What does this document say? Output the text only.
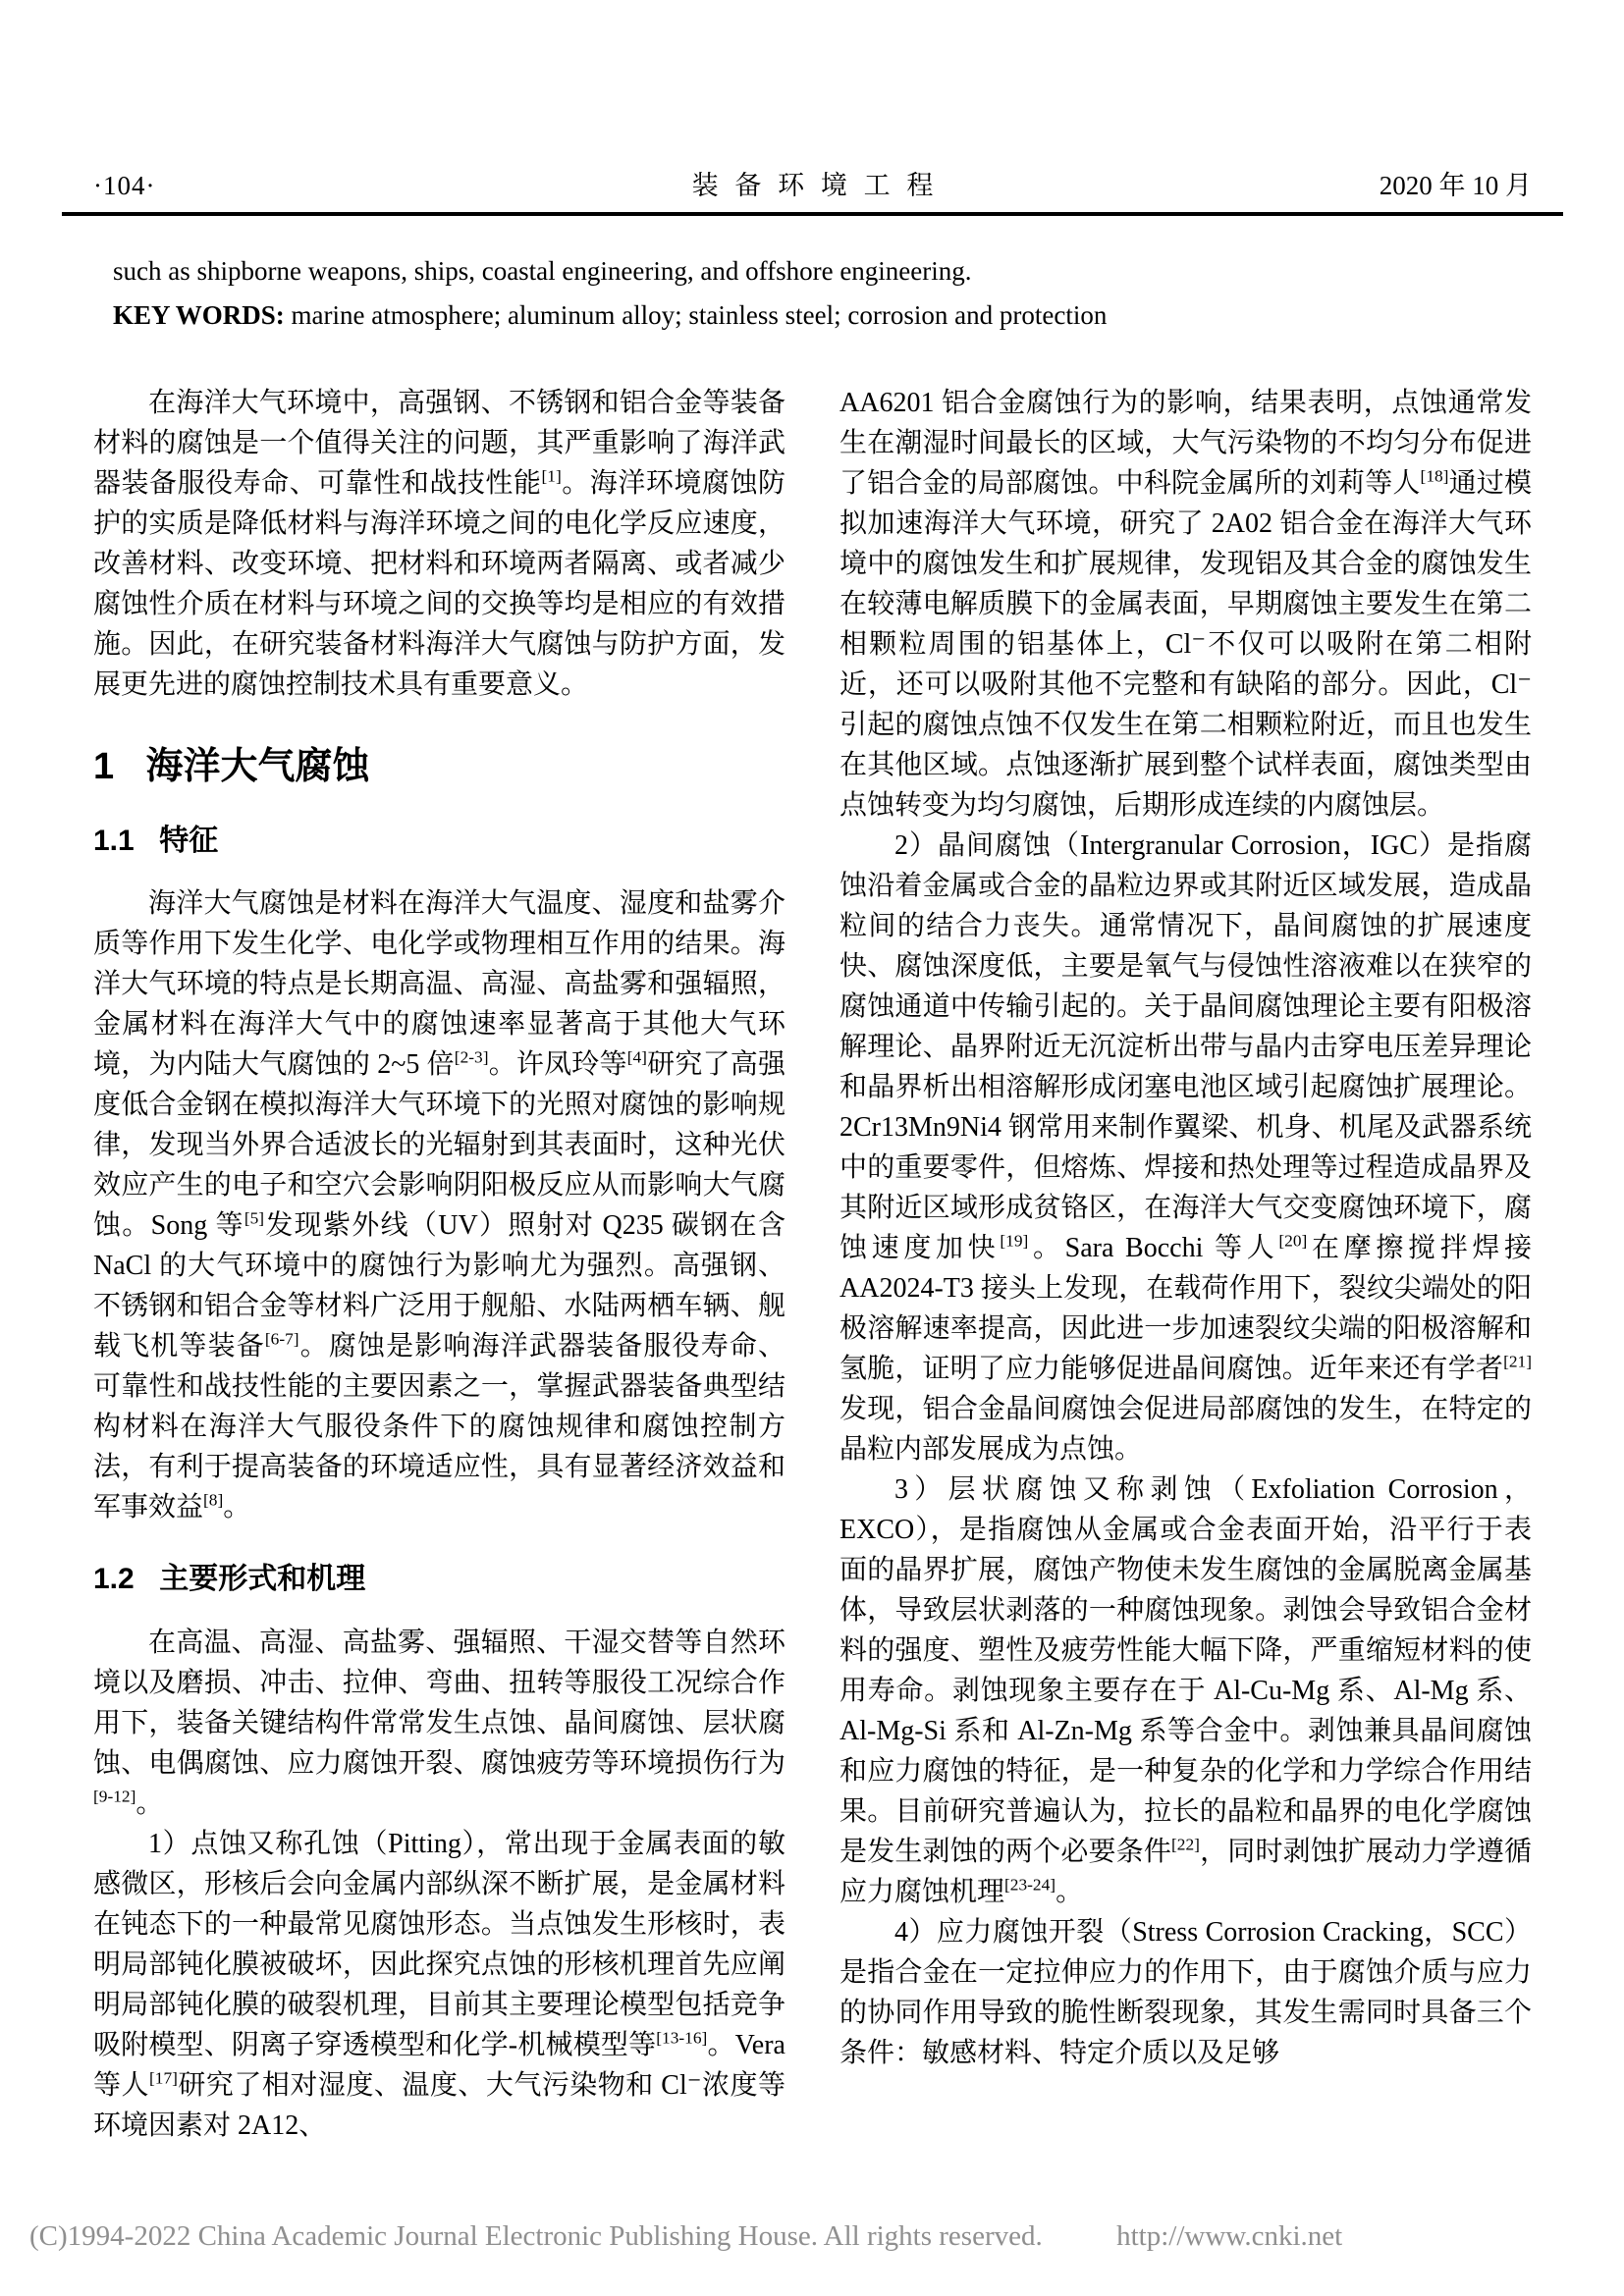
·104·	装备环境工程	2020 年 10 月

such as shipborne weapons, ships, coastal engineering, and offshore engineering.

KEY WORDS: marine atmosphere; aluminum alloy; stainless steel; corrosion and protection

在海洋大气环境中，高强钢、不锈钢和铝合金等装备材料的腐蚀是一个值得关注的问题，其严重影响了海洋武器装备服役寿命、可靠性和战技性能[1]。海洋环境腐蚀防护的实质是降低材料与海洋环境之间的电化学反应速度，改善材料、改变环境、把材料和环境两者隔离、或者减少腐蚀性介质在材料与环境之间的交换等均是相应的有效措施。因此，在研究装备材料海洋大气腐蚀与防护方面，发展更先进的腐蚀控制技术具有重要意义。

1 海洋大气腐蚀
1.1 特征

海洋大气腐蚀是材料在海洋大气温度、湿度和盐雾介质等作用下发生化学、电化学或物理相互作用的结果。海洋大气环境的特点是长期高温、高湿、高盐雾和强辐照，金属材料在海洋大气中的腐蚀速率显著高于其他大气环境，为内陆大气腐蚀的 2~5 倍[2-3]。许凤玲等[4]研究了高强度低合金钢在模拟海洋大气环境下的光照对腐蚀的影响规律，发现当外界合适波长的光辐射到其表面时，这种光伏效应产生的电子和空穴会影响阴阳极反应从而影响大气腐蚀。Song 等[5]发现紫外线（UV）照射对 Q235 碳钢在含 NaCl 的大气环境中的腐蚀行为影响尤为强烈。高强钢、不锈钢和铝合金等材料广泛用于舰船、水陆两栖车辆、舰载飞机等装备[6-7]。腐蚀是影响海洋武器装备服役寿命、可靠性和战技性能的主要因素之一，掌握武器装备典型结构材料在海洋大气服役条件下的腐蚀规律和腐蚀控制方法，有利于提高装备的环境适应性，具有显著经济效益和军事效益[8]。

1.2 主要形式和机理

在高温、高湿、高盐雾、强辐照、干湿交替等自然环境以及磨损、冲击、拉伸、弯曲、扭转等服役工况综合作用下，装备关键结构件常常发生点蚀、晶间腐蚀、层状腐蚀、电偶腐蚀、应力腐蚀开裂、腐蚀疲劳等环境损伤行为[9-12]。

1）点蚀又称孔蚀（Pitting），常出现于金属表面的敏感微区，形核后会向金属内部纵深不断扩展，是金属材料在钝态下的一种最常见腐蚀形态。当点蚀发生形核时，表明局部钝化膜被破坏，因此探究点蚀的形核机理首先应阐明局部钝化膜的破裂机理，目前其主要理论模型包括竞争吸附模型、阴离子穿透模型和化学-机械模型等[13-16]。Vera 等人[17]研究了相对湿度、温度、大气污染物和 Cl⁻浓度等环境因素对 2A12、

AA6201 铝合金腐蚀行为的影响，结果表明，点蚀通常发生在潮湿时间最长的区域，大气污染物的不均匀分布促进了铝合金的局部腐蚀。中科院金属所的刘莉等人[18]通过模拟加速海洋大气环境，研究了 2A02 铝合金在海洋大气环境中的腐蚀发生和扩展规律，发现铝及其合金的腐蚀发生在较薄电解质膜下的金属表面，早期腐蚀主要发生在第二相颗粒周围的铝基体上，Cl⁻不仅可以吸附在第二相附近，还可以吸附其他不完整和有缺陷的部分。因此，Cl⁻引起的腐蚀点蚀不仅发生在第二相颗粒附近，而且也发生在其他区域。点蚀逐渐扩展到整个试样表面，腐蚀类型由点蚀转变为均匀腐蚀，后期形成连续的内腐蚀层。

2）晶间腐蚀（Intergranular Corrosion，IGC）是指腐蚀沿着金属或合金的晶粒边界或其附近区域发展，造成晶粒间的结合力丧失。通常情况下，晶间腐蚀的扩展速度快、腐蚀深度低，主要是氧气与侵蚀性溶液难以在狭窄的腐蚀通道中传输引起的。关于晶间腐蚀理论主要有阳极溶解理论、晶界附近无沉淀析出带与晶内击穿电压差异理论和晶界析出相溶解形成闭塞电池区域引起腐蚀扩展理论。2Cr13Mn9Ni4 钢常用来制作翼梁、机身、机尾及武器系统中的重要零件，但熔炼、焊接和热处理等过程造成晶界及其附近区域形成贫铬区，在海洋大气交变腐蚀环境下，腐蚀速度加快[19]。Sara Bocchi 等人[20]在摩擦搅拌焊接 AA2024-T3 接头上发现，在载荷作用下，裂纹尖端处的阳极溶解速率提高，因此进一步加速裂纹尖端的阳极溶解和氢脆，证明了应力能够促进晶间腐蚀。近年来还有学者[21]发现，铝合金晶间腐蚀会促进局部腐蚀的发生，在特定的晶粒内部发展成为点蚀。

3）层状腐蚀又称剥蚀（Exfoliation Corrosion，EXCO），是指腐蚀从金属或合金表面开始，沿平行于表面的晶界扩展，腐蚀产物使未发生腐蚀的金属脱离金属基体，导致层状剥落的一种腐蚀现象。剥蚀会导致铝合金材料的强度、塑性及疲劳性能大幅下降，严重缩短材料的使用寿命。剥蚀现象主要存在于 Al-Cu-Mg 系、Al-Mg 系、Al-Mg-Si 系和 Al-Zn-Mg 系等合金中。剥蚀兼具晶间腐蚀和应力腐蚀的特征，是一种复杂的化学和力学综合作用结果。目前研究普遍认为，拉长的晶粒和晶界的电化学腐蚀是发生剥蚀的两个必要条件[22]，同时剥蚀扩展动力学遵循应力腐蚀机理[23-24]。

4）应力腐蚀开裂（Stress Corrosion Cracking，SCC）是指合金在一定拉伸应力的作用下，由于腐蚀介质与应力的协同作用导致的脆性断裂现象，其发生需同时具备三个条件：敏感材料、特定介质以及足够

(C)1994-2022 China Academic Journal Electronic Publishing House. All rights reserved.	http://www.cnki.net
